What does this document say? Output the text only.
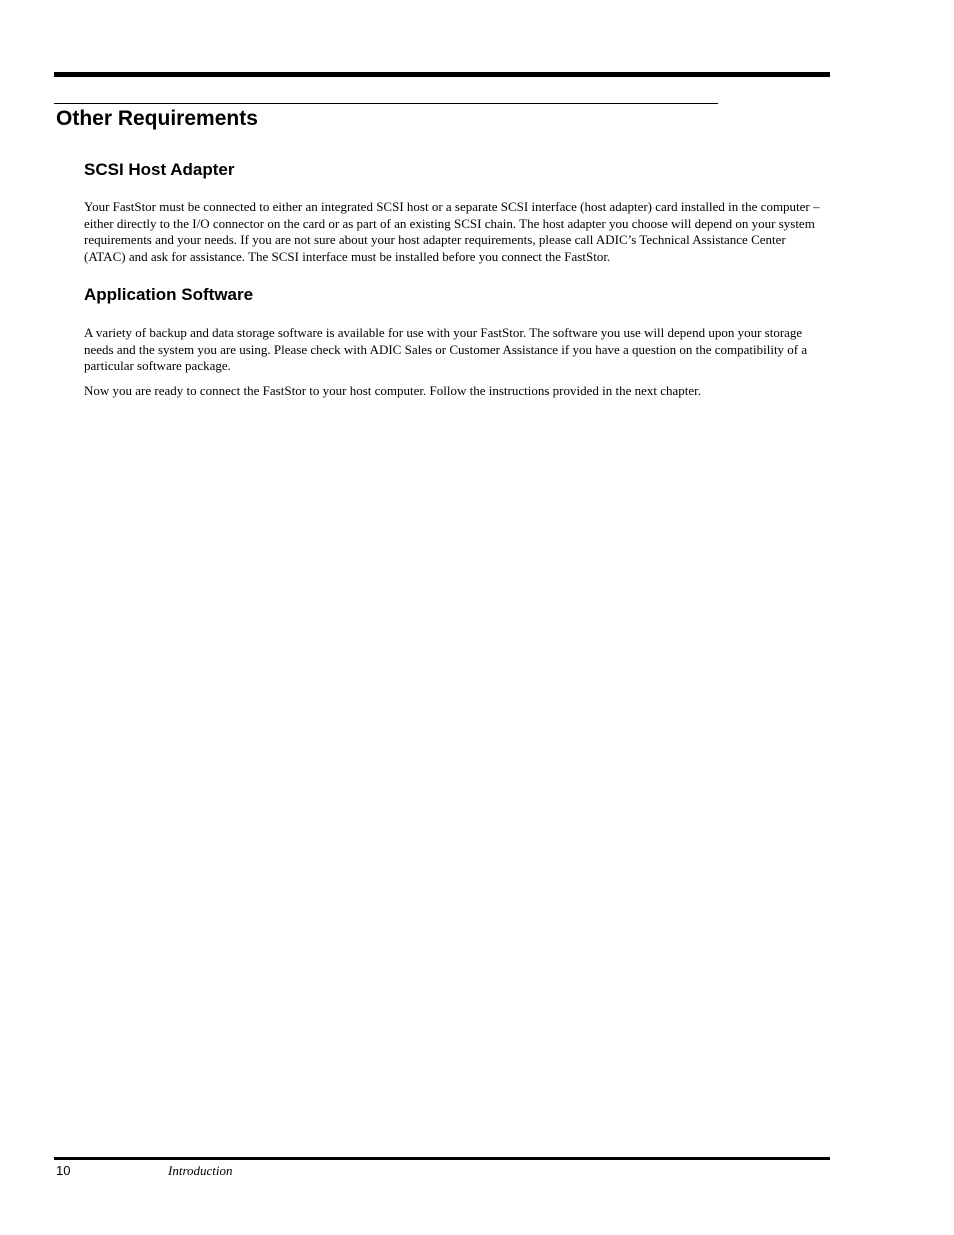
Other Requirements
SCSI Host Adapter

Your FastStor must be connected to either an integrated SCSI host or a separate SCSI interface (host adapter) card installed in the computer – either directly to the I/O connector on the card or as part of an existing SCSI chain. The host adapter you choose will depend on your system requirements and your needs. If you are not sure about your host adapter requirements, please call ADIC’s Technical Assistance Center (ATAC) and ask for assistance. The SCSI interface must be installed before you connect the FastStor.

Application Software

A variety of backup and data storage software is available for use with your FastStor. The software you use will depend upon your storage needs and the system you are using. Please check with ADIC Sales or Customer Assistance if you have a question on the compatibility of a particular software package.

Now you are ready to connect the FastStor to your host computer. Follow the instructions provided in the next chapter.

10	Introduction
